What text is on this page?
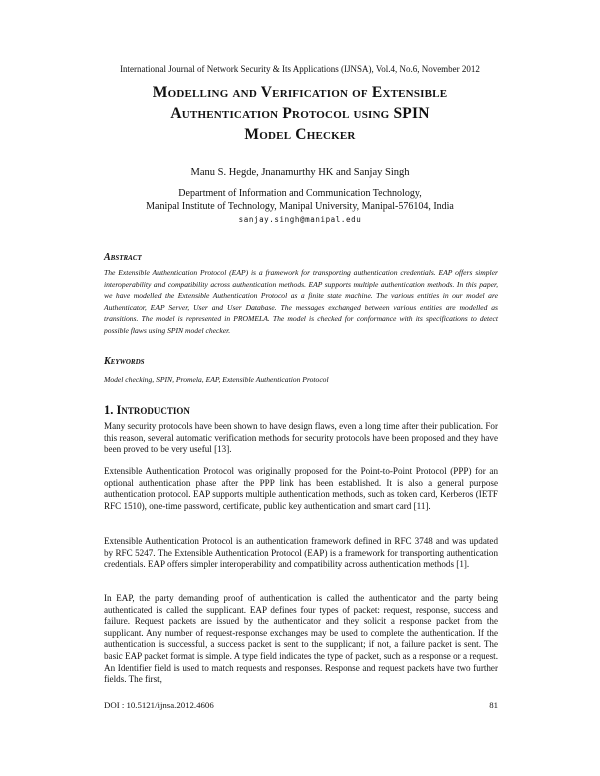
International Journal of Network Security & Its Applications (IJNSA), Vol.4, No.6, November 2012
Modelling and Verification of Extensible
Authentication Protocol using SPIN
Model Checker
Manu S. Hegde, Jnanamurthy HK and Sanjay Singh
Department of Information and Communication Technology,
Manipal Institute of Technology, Manipal University, Manipal-576104, India
sanjay.singh@manipal.edu
Abstract

The Extensible Authentication Protocol (EAP) is a framework for transporting authentication credentials. EAP offers simpler interoperability and compatibility across authentication methods. EAP supports multiple authentication methods. In this paper, we have modelled the Extensible Authentication Protocol as a finite state machine. The various entities in our model are Authenticator, EAP Server, User and User Database. The messages exchanged between various entities are modelled as transitions. The model is represented in PROMELA. The model is checked for conformance with its specifications to detect possible flaws using SPIN model checker.

Keywords

Model checking, SPIN, Promela, EAP, Extensible Authentication Protocol

1. Introduction

Many security protocols have been shown to have design flaws, even a long time after their publication. For this reason, several automatic verification methods for security protocols have been proposed and they have been proved to be very useful [13].

Extensible Authentication Protocol was originally proposed for the Point-to-Point Protocol (PPP) for an optional authentication phase after the PPP link has been established. It is also a general purpose authentication protocol. EAP supports multiple authentication methods, such as token card, Kerberos (IETF RFC 1510), one-time password, certificate, public key authentication and smart card [11].

Extensible Authentication Protocol is an authentication framework defined in RFC 3748 and was updated by RFC 5247. The Extensible Authentication Protocol (EAP) is a framework for transporting authentication credentials. EAP offers simpler interoperability and compatibility across authentication methods [1].

In EAP, the party demanding proof of authentication is called the authenticator and the party being authenticated is called the supplicant. EAP defines four types of packet: request, response, success and failure. Request packets are issued by the authenticator and they solicit a response packet from the supplicant. Any number of request-response exchanges may be used to complete the authentication. If the authentication is successful, a success packet is sent to the supplicant; if not, a failure packet is sent. The basic EAP packet format is simple. A type field indicates the type of packet, such as a response or a request. An Identifier field is used to match requests and responses. Response and request packets have two further fields. The first,

DOI : 10.5121/ijnsa.2012.4606	81
